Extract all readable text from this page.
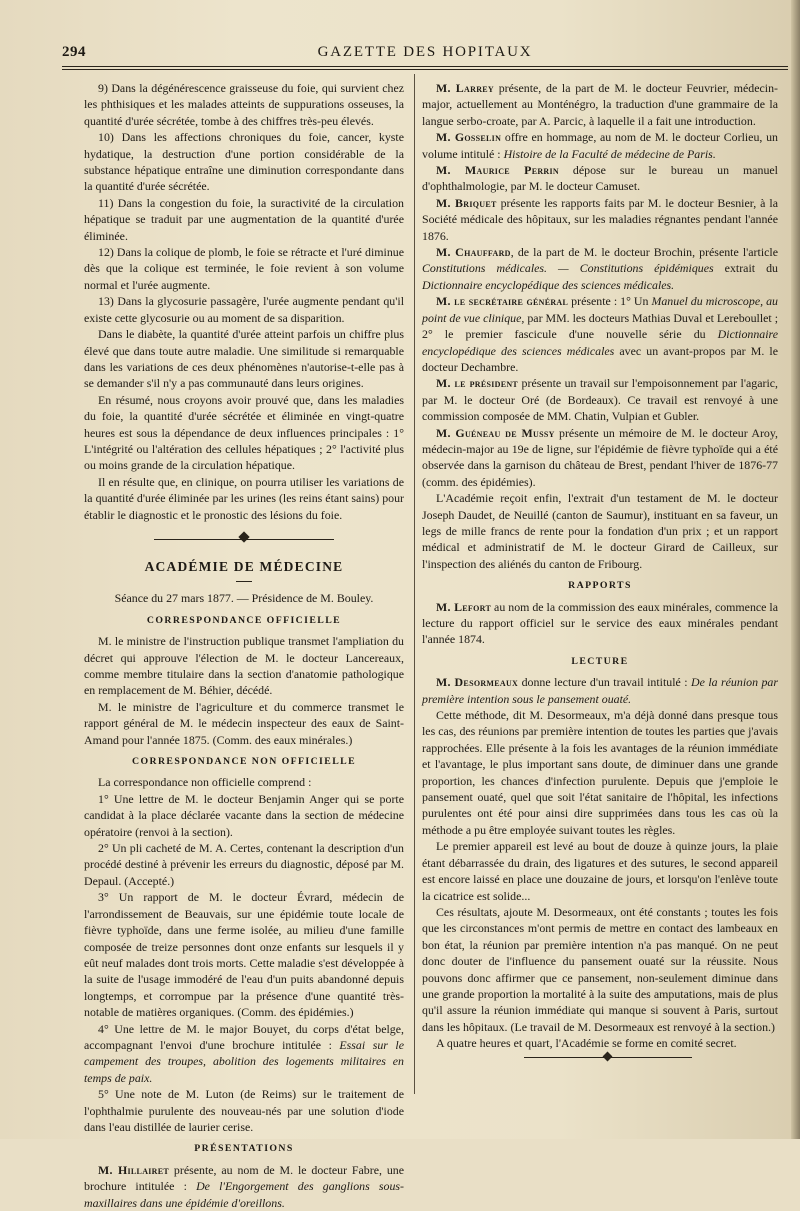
294	GAZETTE DES HOPITAUX

9) Dans la dégénérescence graisseuse du foie, qui survient chez les phthisiques et les malades atteints de suppurations osseuses, la quantité d'urée sécrétée, tombe à des chiffres très-peu élevés.

10) Dans les affections chroniques du foie, cancer, kyste hydatique, la destruction d'une portion considérable de la substance hépatique entraîne une diminution correspondante dans la quantité d'urée sécrétée.

11) Dans la congestion du foie, la suractivité de la circulation hépatique se traduit par une augmentation de la quantité d'urée éliminée.

12) Dans la colique de plomb, le foie se rétracte et l'uré diminue dès que la colique est terminée, le foie revient à son volume normal et l'urée augmente.

13) Dans la glycosurie passagère, l'urée augmente pendant qu'il existe cette glycosurie ou au moment de sa disparition.

Dans le diabète, la quantité d'urée atteint parfois un chiffre plus élevé que dans toute autre maladie. Une similitude si remarquable dans les variations de ces deux phénomènes n'autorise-t-elle pas à se demander s'il n'y a pas communauté dans leurs origines.

En résumé, nous croyons avoir prouvé que, dans les maladies du foie, la quantité d'urée sécrétée et éliminée en vingt-quatre heures est sous la dépendance de deux influences principales : 1° L'intégrité ou l'altération des cellules hépatiques ; 2° l'activité plus ou moins grande de la circulation hépatique.

Il en résulte que, en clinique, on pourra utiliser les variations de la quantité d'urée éliminée par les urines (les reins étant sains) pour établir le diagnostic et le pronostic des lésions du foie.

ACADÉMIE DE MÉDECINE

Séance du 27 mars 1877. — Présidence de M. Bouley.

CORRESPONDANCE OFFICIELLE

M. le ministre de l'instruction publique transmet l'ampliation du décret qui approuve l'élection de M. le docteur Lancereaux, comme membre titulaire dans la section d'anatomie pathologique en remplacement de M. Béhier, décédé.

M. le ministre de l'agriculture et du commerce transmet le rapport général de M. le médecin inspecteur des eaux de Saint-Amand pour l'année 1875. (Comm. des eaux minérales.)

CORRESPONDANCE NON OFFICIELLE

La correspondance non officielle comprend :

1° Une lettre de M. le docteur Benjamin Anger qui se porte candidat à la place déclarée vacante dans la section de médecine opératoire (renvoi à la section).

2° Un pli cacheté de M. A. Certes, contenant la description d'un procédé destiné à prévenir les erreurs du diagnostic, déposé par M. Depaul. (Accepté.)

3° Un rapport de M. le docteur Évrard, médecin de l'arrondissement de Beauvais, sur une épidémie toute locale de fièvre typhoïde, dans une ferme isolée, au milieu d'une famille composée de treize personnes dont onze enfants sur lesquels il y eût neuf malades dont trois morts. Cette maladie s'est développée à la suite de l'usage immodéré de l'eau d'un puits abandonné depuis longtemps, et corrompue par la présence d'une quantité très-notable de matières organiques. (Comm. des épidémies.)

4° Une lettre de M. le major Bouyet, du corps d'état belge, accompagnant l'envoi d'une brochure intitulée : Essai sur le campement des troupes, abolition des logements militaires en temps de paix.

5° Une note de M. Luton (de Reims) sur le traitement de l'ophthalmie purulente des nouveau-nés par une solution d'iode dans l'eau distillée de laurier cerise.

PRÉSENTATIONS

M. Hillairet présente, au nom de M. le docteur Fabre, une brochure intitulée : De l'Engorgement des ganglions sous-maxillaires dans une épidémie d'oreillons.

M. Larrey présente, de la part de M. le docteur Feuvrier, médecin-major, actuellement au Monténégro, la traduction d'une grammaire de la langue serbo-croate, par A. Parcic, à laquelle il a fait une introduction.

M. Gosselin offre en hommage, au nom de M. le docteur Corlieu, un volume intitulé : Histoire de la Faculté de médecine de Paris.

M. Maurice Perrin dépose sur le bureau un manuel d'ophthalmologie, par M. le docteur Camuset.

M. Briquet présente les rapports faits par M. le docteur Besnier, à la Société médicale des hôpitaux, sur les maladies régnantes pendant l'année 1876.

M. Chauffard, de la part de M. le docteur Brochin, présente l'article Constitutions médicales. — Constitutions épidémiques extrait du Dictionnaire encyclopédique des sciences médicales.

M. le secrétaire général présente : 1° Un Manuel du microscope, au point de vue clinique, par MM. les docteurs Mathias Duval et Lereboullet ; 2° le premier fascicule d'une nouvelle série du Dictionnaire encyclopédique des sciences médicales avec un avant-propos par M. le docteur Dechambre.

M. le président présente un travail sur l'empoisonnement par l'agaric, par M. le docteur Oré (de Bordeaux). Ce travail est renvoyé à une commission composée de MM. Chatin, Vulpian et Gubler.

M. Guéneau de Mussy présente un mémoire de M. le docteur Aroy, médecin-major au 19e de ligne, sur l'épidémie de fièvre typhoïde qui a été observée dans la garnison du château de Brest, pendant l'hiver de 1876-77 (comm. des épidémies).

L'Académie reçoit enfin, l'extrait d'un testament de M. le docteur Joseph Daudet, de Neuillé (canton de Saumur), instituant en sa faveur, un legs de mille francs de rente pour la fondation d'un prix ; et un rapport médical et administratif de M. le docteur Girard de Cailleux, sur l'inspection des aliénés du canton de Fribourg.

RAPPORTS

M. Lefort au nom de la commission des eaux minérales, commence la lecture du rapport officiel sur le service des eaux minérales pendant l'année 1874.

LECTURE

M. Desormeaux donne lecture d'un travail intitulé : De la réunion par première intention sous le pansement ouaté.

Cette méthode, dit M. Desormeaux, m'a déjà donné dans presque tous les cas, des réunions par première intention de toutes les parties que j'avais rapprochées. Elle présente à la fois les avantages de la réunion immédiate et l'avantage, le plus important sans doute, de diminuer dans une grande proportion, les chances d'infection purulente. Depuis que j'emploie le pansement ouaté, quel que soit l'état sanitaire de l'hôpital, les infections purulentes ont été pour ainsi dire supprimées dans tous les cas où la méthode a pu être employée suivant toutes les règles.

Le premier appareil est levé au bout de douze à quinze jours, la plaie étant débarrassée du drain, des ligatures et des sutures, le second appareil est encore laissé en place une douzaine de jours, et lorsqu'on l'enlève toute la cicatrice est solide...

Ces résultats, ajoute M. Desormeaux, ont été constants ; toutes les fois que les circonstances m'ont permis de mettre en contact des lambeaux en bon état, la réunion par première intention n'a pas manqué. On ne peut donc douter de l'influence du pansement ouaté sur la réussite. Nous pouvons donc affirmer que ce pansement, non-seulement diminue dans une grande proportion la mortalité à la suite des amputations, mais de plus qu'il assure la réunion immédiate qui manque si souvent à Paris, surtout dans les hôpitaux. (Le travail de M. Desormeaux est renvoyé à la section.)

A quatre heures et quart, l'Académie se forme en comité secret.
